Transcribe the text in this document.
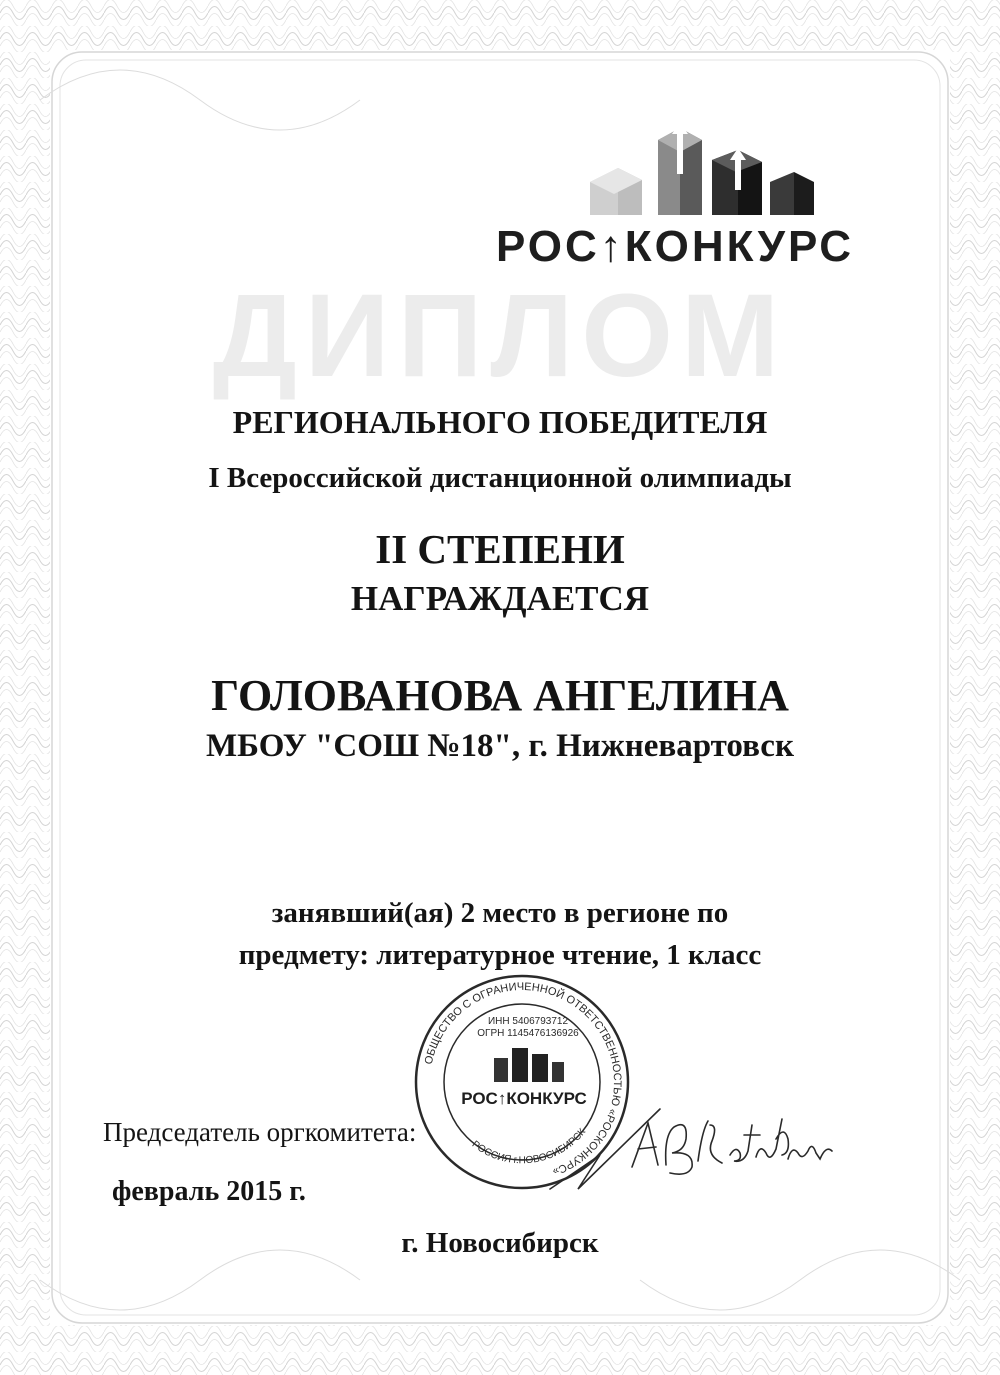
РОС↑КОНКУРС
ДИПЛОМ
РЕГИОНАЛЬНОГО ПОБЕДИТЕЛЯ
I Всероссийской дистанционной олимпиады
II СТЕПЕНИ
НАГРАЖДАЕТСЯ
ГОЛОВАНОВА АНГЕЛИНА
МБОУ "СОШ №18", г. Нижневартовск
занявший(ая) 2 место в регионе по
предмету: литературное чтение, 1 класс
ОБЩЕСТВО С ОГРАНИЧЕННОЙ ОТВЕТСТВЕННОСТЬЮ «РОСКОНКУРС»
ИНН 5406793712
ОГРН 1145476136926
РОС↑КОНКУРС
РОССИЯ г.НОВОСИБИРСК
Председатель оргкомитета:
февраль 2015 г.
г. Новосибирск
